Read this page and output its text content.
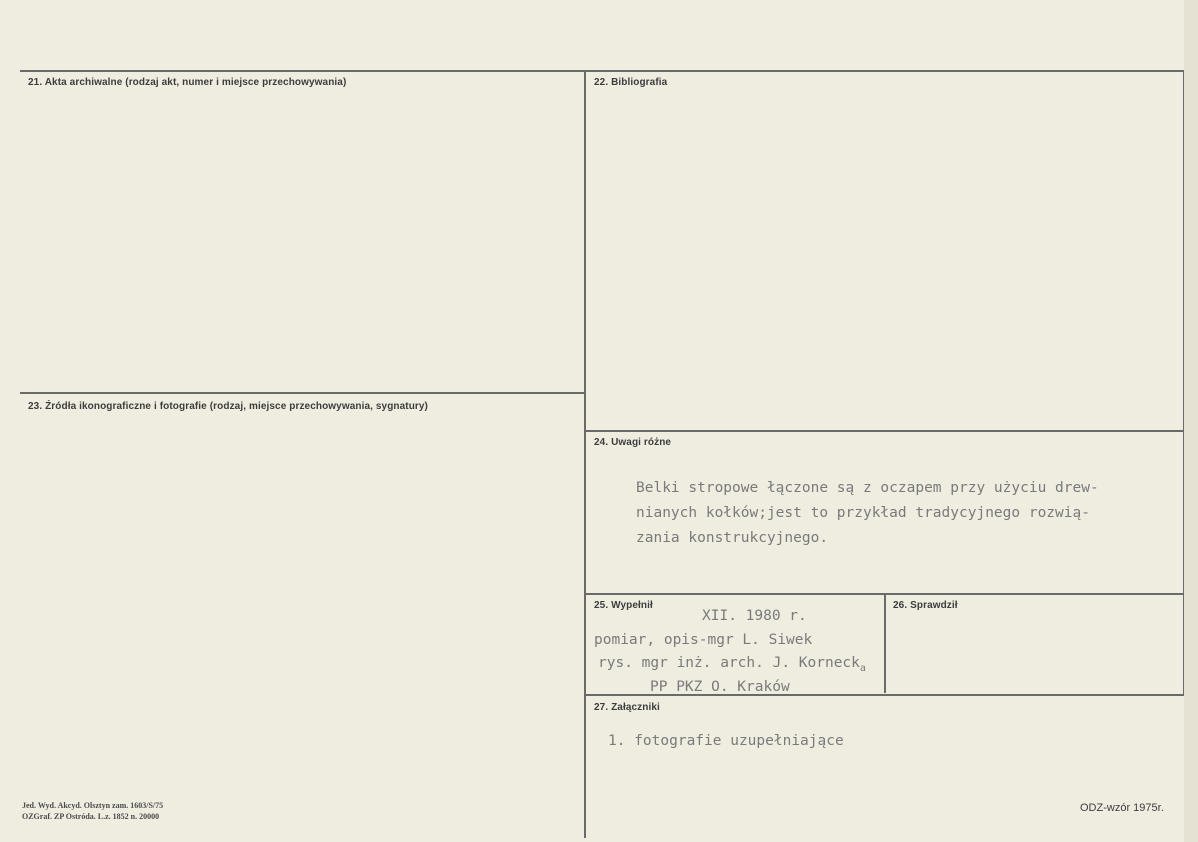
21. Akta archiwalne (rodzaj akt, numer i miejsce przechowywania)	22. Bibliografia
23. Źródła ikonograficzne i fotografie (rodzaj, miejsce przechowywania, sygnatury)
24. Uwagi różne
Belki stropowe łączone są z oczapem przy użyciu drew-
nianych kołków;jest to przykład tradycyjnego rozwią-
zania konstrukcyjnego.
25. Wypełnił
XII. 1980 r.
pomiar, opis-mgr L. Siwek
rys. mgr inż. arch. J. Korneck$_a$
PP PKZ O. Kraków
26. Sprawdził
27. Załączniki
1. fotografie uzupełniające
Jed. Wyd. Akcyd. Olsztyn zam. 1603/S/75
OZGraf. ZP Ostróda. L.z. 1852 n. 20000
ODZ-wzór 1975r.
